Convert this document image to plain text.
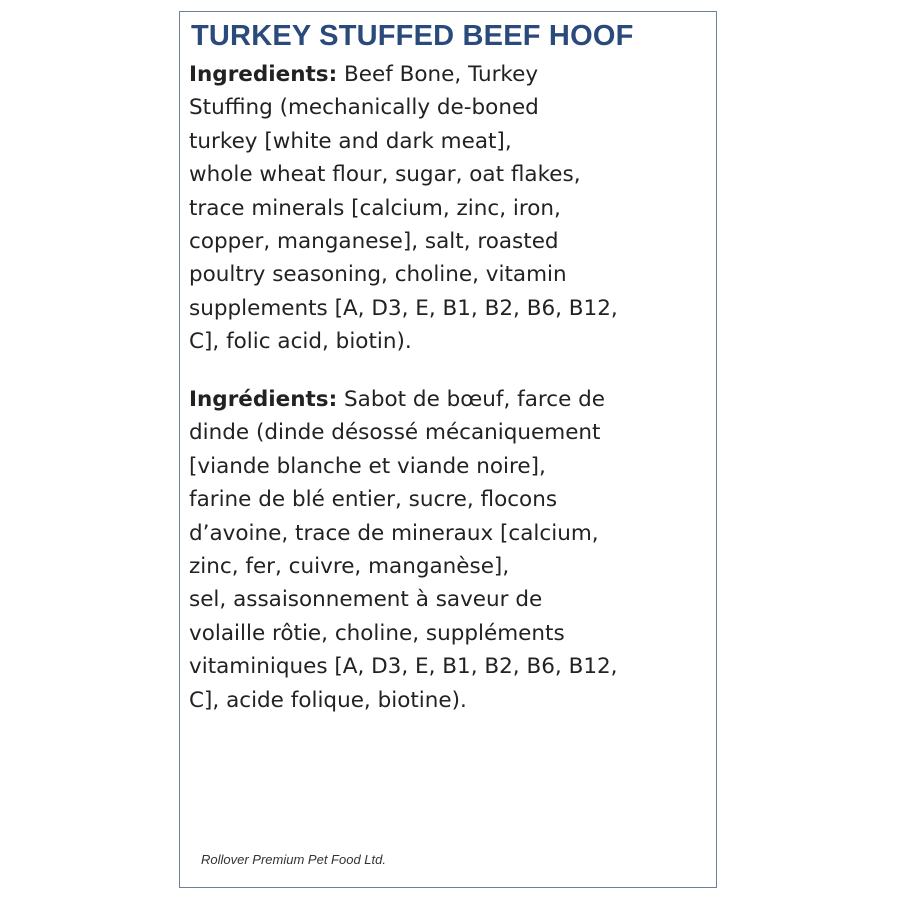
TURKEY STUFFED BEEF HOOF
Ingredients: Beef Bone, Turkey
Stuffing (mechanically de-boned
turkey [white and dark meat],
whole wheat flour, sugar, oat flakes,
trace minerals [calcium, zinc, iron,
copper, manganese], salt, roasted
poultry seasoning, choline, vitamin
supplements [A, D3, E, B1, B2, B6, B12,
C], folic acid, biotin).
Ingrédients: Sabot de bœuf, farce de
dinde (dinde désossé mécaniquement
[viande blanche et viande noire],
farine de blé entier, sucre, flocons
d’avoine, trace de mineraux [calcium,
zinc, fer, cuivre, manganèse],
sel, assaisonnement à saveur de
volaille rôtie, choline, suppléments
vitaminiques [A, D3, E, B1, B2, B6, B12,
C], acide folique, biotine).

Rollover Premium Pet Food Ltd.
